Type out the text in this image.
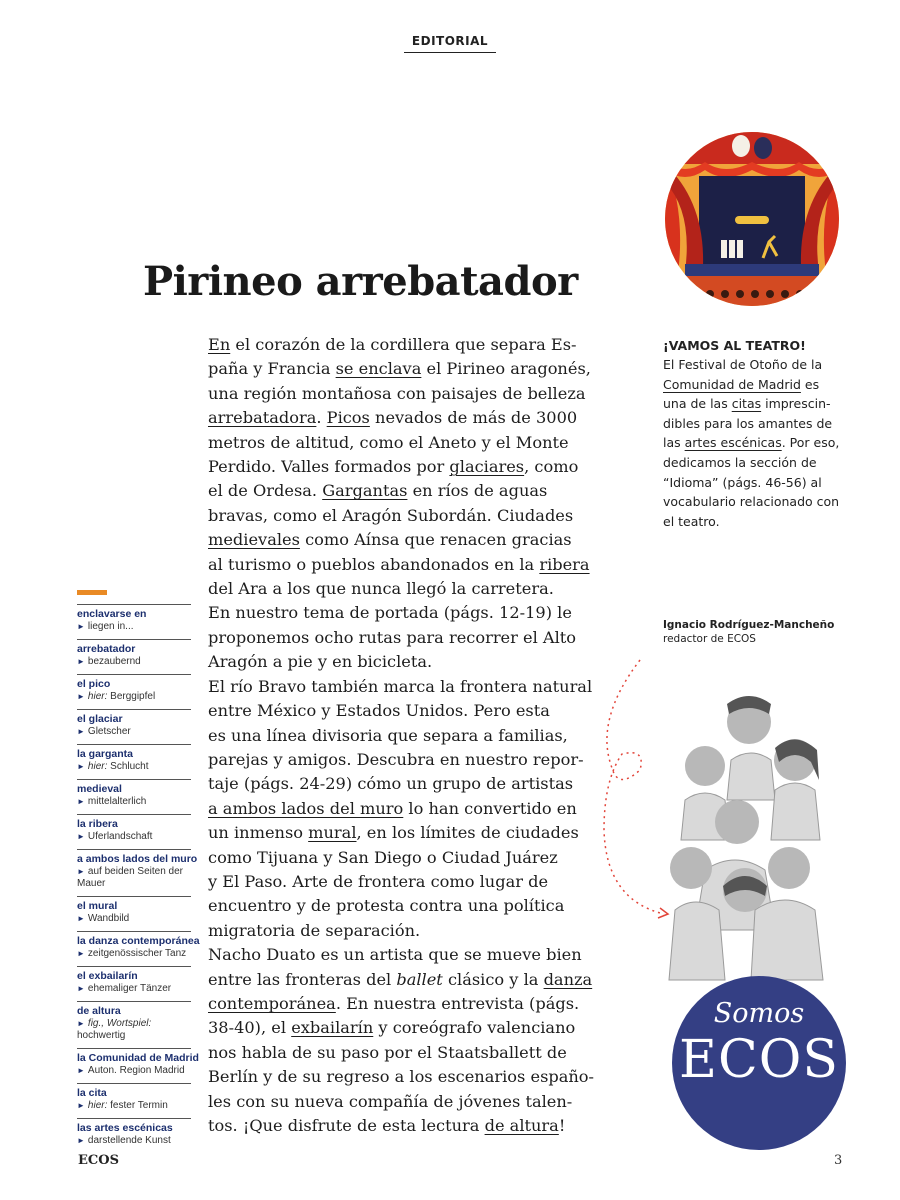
EDITORIAL
Pirineo arrebatador
En el corazón de la cordillera que separa Es-
paña y Francia se enclava el Pirineo aragonés,
una región montañosa con paisajes de belleza
arrebatadora. Picos nevados de más de 3000
metros de altitud, como el Aneto y el Monte
Perdido. Valles formados por glaciares, como
el de Ordesa. Gargantas en ríos de aguas
bravas, como el Aragón Subordán. Ciudades
medievales como Aínsa que renacen gracias
al turismo o pueblos abandonados en la ribera
del Ara a los que nunca llegó la carretera.
En nuestro tema de portada (págs. 12-19) le
proponemos ocho rutas para recorrer el Alto
Aragón a pie y en bicicleta.
El río Bravo también marca la frontera natural
entre México y Estados Unidos. Pero esta
es una línea divisoria que separa a familias,
parejas y amigos. Descubra en nuestro repor-
taje (págs. 24-29) cómo un grupo de artistas
a ambos lados del muro lo han convertido en
un inmenso mural, en los límites de ciudades
como Tijuana y San Diego o Ciudad Juárez
y El Paso. Arte de frontera como lugar de
encuentro y de protesta contra una política
migratoria de separación.
Nacho Duato es un artista que se mueve bien
entre las fronteras del ballet clásico y la danza
contemporánea. En nuestra entrevista (págs.
38-40), el exbailarín y coreógrafo valenciano
nos habla de su paso por el Staatsballett de
Berlín y de su regreso a los escenarios españo-
les con su nueva compañía de jóvenes talen-
tos. ¡Que disfrute de esta lectura de altura!
enclavarse en
► liegen in...
arrebatador
► bezaubernd
el pico
► hier: Berggipfel
el glaciar
► Gletscher
la garganta
► hier: Schlucht
medieval
► mittelalterlich
la ribera
► Uferlandschaft
a ambos lados del muro
► auf beiden Seiten der Mauer
el mural
► Wandbild
la danza contemporánea
► zeitgenössischer Tanz
el exbailarín
► ehemaliger Tänzer
de altura
► fig., Wortspiel: hochwertig
la Comunidad de Madrid
► Auton. Region Madrid
la cita
► hier: fester Termin
las artes escénicas
► darstellende Kunst
¡VAMOS AL TEATRO!
El Festival de Otoño de la
Comunidad de Madrid es
una de las citas imprescin-
dibles para los amantes de
las artes escénicas. Por eso,
dedicamos la sección de
“Idioma” (págs. 46-56) al
vocabulario relacionado con
el teatro.
Ignacio Rodríguez-Mancheño
redactor de ECOS
Somos
ECOS
ECOS	3
